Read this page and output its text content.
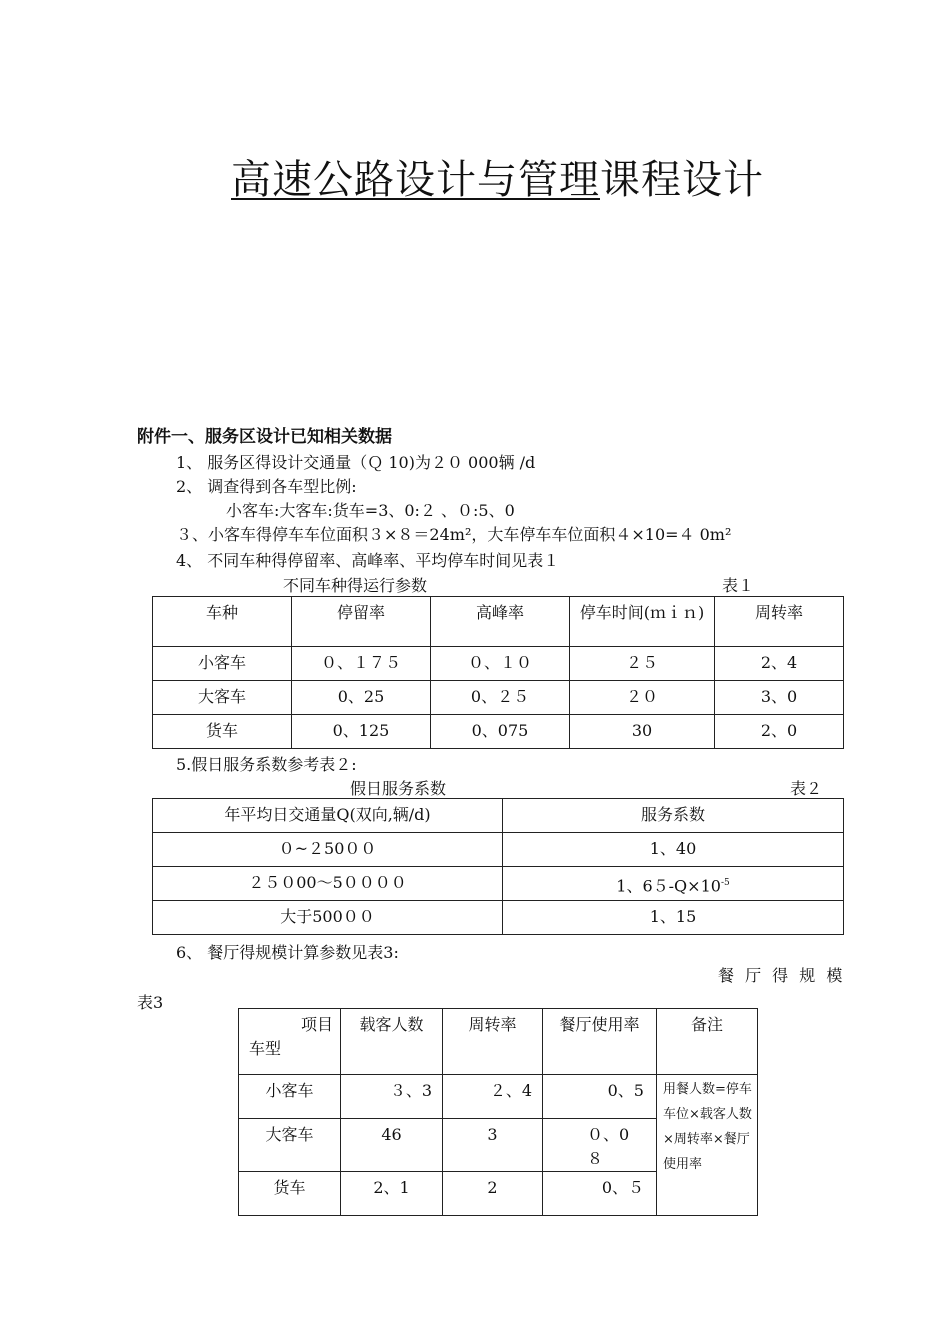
高速公路设计与管理课程设计
附件一、服务区设计已知相关数据
1、 服务区得设计交通量（Ｑ 10)为２０ 000辆 /d
2、 调查得到各车型比例:
小客车:大客车:货车=3、0:２ 、０:5、0
３、小客车得停车车位面积３×８＝24m²，大车停车车位面积４×10=４ 0m²
4、 不同车种得停留率、高峰率、平均停车时间见表１
不同车种得运行参数	表１
车种	停留率	高峰率	停车时间(ｍｉｎ)	周转率
小客车	０、１７５	０、１０	２５	2、4
大客车	0、25	0、２５	２０	3、0
货车	0、125	0、075	30	2、0
5.假日服务系数参考表２:
假日服务系数	表２
年平均日交通量Q(双向,辆/d)	服务系数
０~２50００	1、40
２５０00～5００００	1、$65-Q\times 10^{-5}$
大于500００	1、15
6、 餐厅得规模计算参数见表3:
餐 厅 得 规 模
表3
项目
车型	载客人数	周转率	餐厅使用率	备注
小客车	３、3	２、4	0、5	用餐人数=停车车位×载客人数×周转率×餐厅使用率
大客车	46	3	０、0８	
货车	2、1	2	0、５	
